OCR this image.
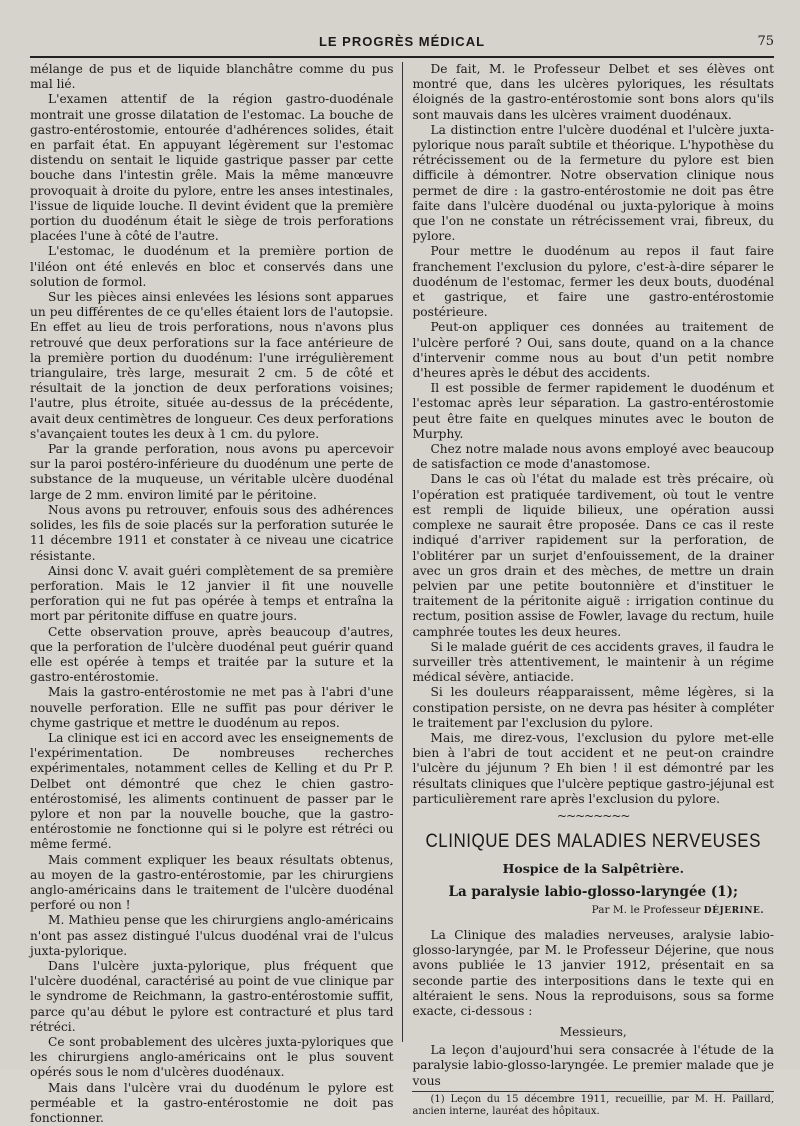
LE PROGRÈS MÉDICAL	75

mélange de pus et de liquide blanchâtre comme du pus mal lié.

L'examen attentif de la région gastro-duodénale montrait une grosse dilatation de l'estomac. La bouche de gastro-entérostomie, entourée d'adhérences solides, était en parfait état. En appuyant légèrement sur l'estomac distendu on sentait le liquide gastrique passer par cette bouche dans l'intestin grêle. Mais la même manœuvre provoquait à droite du pylore, entre les anses intestinales, l'issue de liquide louche. Il devint évident que la première portion du duodénum était le siège de trois perforations placées l'une à côté de l'autre.

L'estomac, le duodénum et la première portion de l'iléon ont été enlevés en bloc et conservés dans une solution de formol.

Sur les pièces ainsi enlevées les lésions sont apparues un peu différentes de ce qu'elles étaient lors de l'autopsie. En effet au lieu de trois perforations, nous n'avons plus retrouvé que deux perforations sur la face antérieure de la première portion du duodénum: l'une irrégulièrement triangulaire, très large, mesurait 2 cm. 5 de côté et résultait de la jonction de deux perforations voisines; l'autre, plus étroite, située au-dessus de la précédente, avait deux centimètres de longueur. Ces deux perforations s'avançaient toutes les deux à 1 cm. du pylore.

Par la grande perforation, nous avons pu apercevoir sur la paroi postéro-inférieure du duodénum une perte de substance de la muqueuse, un véritable ulcère duodénal large de 2 mm. environ limité par le péritoine.

Nous avons pu retrouver, enfouis sous des adhérences solides, les fils de soie placés sur la perforation suturée le 11 décembre 1911 et constater à ce niveau une cicatrice résistante.

Ainsi donc V. avait guéri complètement de sa première perforation. Mais le 12 janvier il fit une nouvelle perforation qui ne fut pas opérée à temps et entraîna la mort par péritonite diffuse en quatre jours.

Cette observation prouve, après beaucoup d'autres, que la perforation de l'ulcère duodénal peut guérir quand elle est opérée à temps et traitée par la suture et la gastro-entérostomie.

Mais la gastro-entérostomie ne met pas à l'abri d'une nouvelle perforation. Elle ne suffit pas pour dériver le chyme gastrique et mettre le duodénum au repos.

La clinique est ici en accord avec les enseignements de l'expérimentation. De nombreuses recherches expérimentales, notamment celles de Kelling et du Pr P. Delbet ont démontré que chez le chien gastro-entérostomisé, les aliments continuent de passer par le pylore et non par la nouvelle bouche, que la gastro-entérostomie ne fonctionne qui si le polyre est rétréci ou même fermé.

Mais comment expliquer les beaux résultats obtenus, au moyen de la gastro-entérostomie, par les chirurgiens anglo-américains dans le traitement de l'ulcère duodénal perforé ou non !

M. Mathieu pense que les chirurgiens anglo-américains n'ont pas assez distingué l'ulcus duodénal vrai de l'ulcus juxta-pylorique.

Dans l'ulcère juxta-pylorique, plus fréquent que l'ulcère duodénal, caractérisé au point de vue clinique par le syndrome de Reichmann, la gastro-entérostomie suffit, parce qu'au début le pylore est contracturé et plus tard rétréci.

Ce sont probablement des ulcères juxta-pyloriques que les chirurgiens anglo-américains ont le plus souvent opérés sous le nom d'ulcères duodénaux.

Mais dans l'ulcère vrai du duodénum le pylore est perméable et la gastro-entérostomie ne doit pas fonctionner.

De fait, M. le Professeur Delbet et ses élèves ont montré que, dans les ulcères pyloriques, les résultats éloignés de la gastro-entérostomie sont bons alors qu'ils sont mauvais dans les ulcères vraiment duodénaux.

La distinction entre l'ulcère duodénal et l'ulcère juxta-pylorique nous paraît subtile et théorique. L'hypothèse du rétrécissement ou de la fermeture du pylore est bien difficile à démontrer. Notre observation clinique nous permet de dire : la gastro-entérostomie ne doit pas être faite dans l'ulcère duodénal ou juxta-pylorique à moins que l'on ne constate un rétrécissement vrai, fibreux, du pylore.

Pour mettre le duodénum au repos il faut faire franchement l'exclusion du pylore, c'est-à-dire séparer le duodénum de l'estomac, fermer les deux bouts, duodénal et gastrique, et faire une gastro-entérostomie postérieure.

Peut-on appliquer ces données au traitement de l'ulcère perforé ? Oui, sans doute, quand on a la chance d'intervenir comme nous au bout d'un petit nombre d'heures après le début des accidents.

Il est possible de fermer rapidement le duodénum et l'estomac après leur séparation. La gastro-entérostomie peut être faite en quelques minutes avec le bouton de Murphy.

Chez notre malade nous avons employé avec beaucoup de satisfaction ce mode d'anastomose.

Dans le cas où l'état du malade est très précaire, où l'opération est pratiquée tardivement, où tout le ventre est rempli de liquide bilieux, une opération aussi complexe ne saurait être proposée. Dans ce cas il reste indiqué d'arriver rapidement sur la perforation, de l'oblitérer par un surjet d'enfouissement, de la drainer avec un gros drain et des mèches, de mettre un drain pelvien par une petite boutonnière et d'instituer le traitement de la péritonite aiguë : irrigation continue du rectum, position assise de Fowler, lavage du rectum, huile camphrée toutes les deux heures.

Si le malade guérit de ces accidents graves, il faudra le surveiller très attentivement, le maintenir à un régime médical sévère, antiacide.

Si les douleurs réapparaissent, même légères, si la constipation persiste, on ne devra pas hésiter à compléter le traitement par l'exclusion du pylore.

Mais, me direz-vous, l'exclusion du pylore met-elle bien à l'abri de tout accident et ne peut-on craindre l'ulcère du jéjunum ? Eh bien ! il est démontré par les résultats cliniques que l'ulcère peptique gastro-jéjunal est particulièrement rare après l'exclusion du pylore.

~~~~~~~~
CLINIQUE DES MALADIES NERVEUSES
Hospice de la Salpêtrière.
La paralysie labio-glosso-laryngée (1);
Par M. le Professeur DÉJERINE.

La Clinique des maladies nerveuses, aralysie labio-glosso-laryngée, par M. le Professeur Déjerine, que nous avons publiée le 13 janvier 1912, présentait en sa seconde partie des interpositions dans le texte qui en altéraient le sens. Nous la reproduisons, sous sa forme exacte, ci-dessous :

Messieurs,

La leçon d'aujourd'hui sera consacrée à l'étude de la paralysie labio-glosso-laryngée. Le premier malade que je vous

(1) Leçon du 15 décembre 1911, recueillie, par M. H. Paillard, ancien interne, lauréat des hôpitaux.
